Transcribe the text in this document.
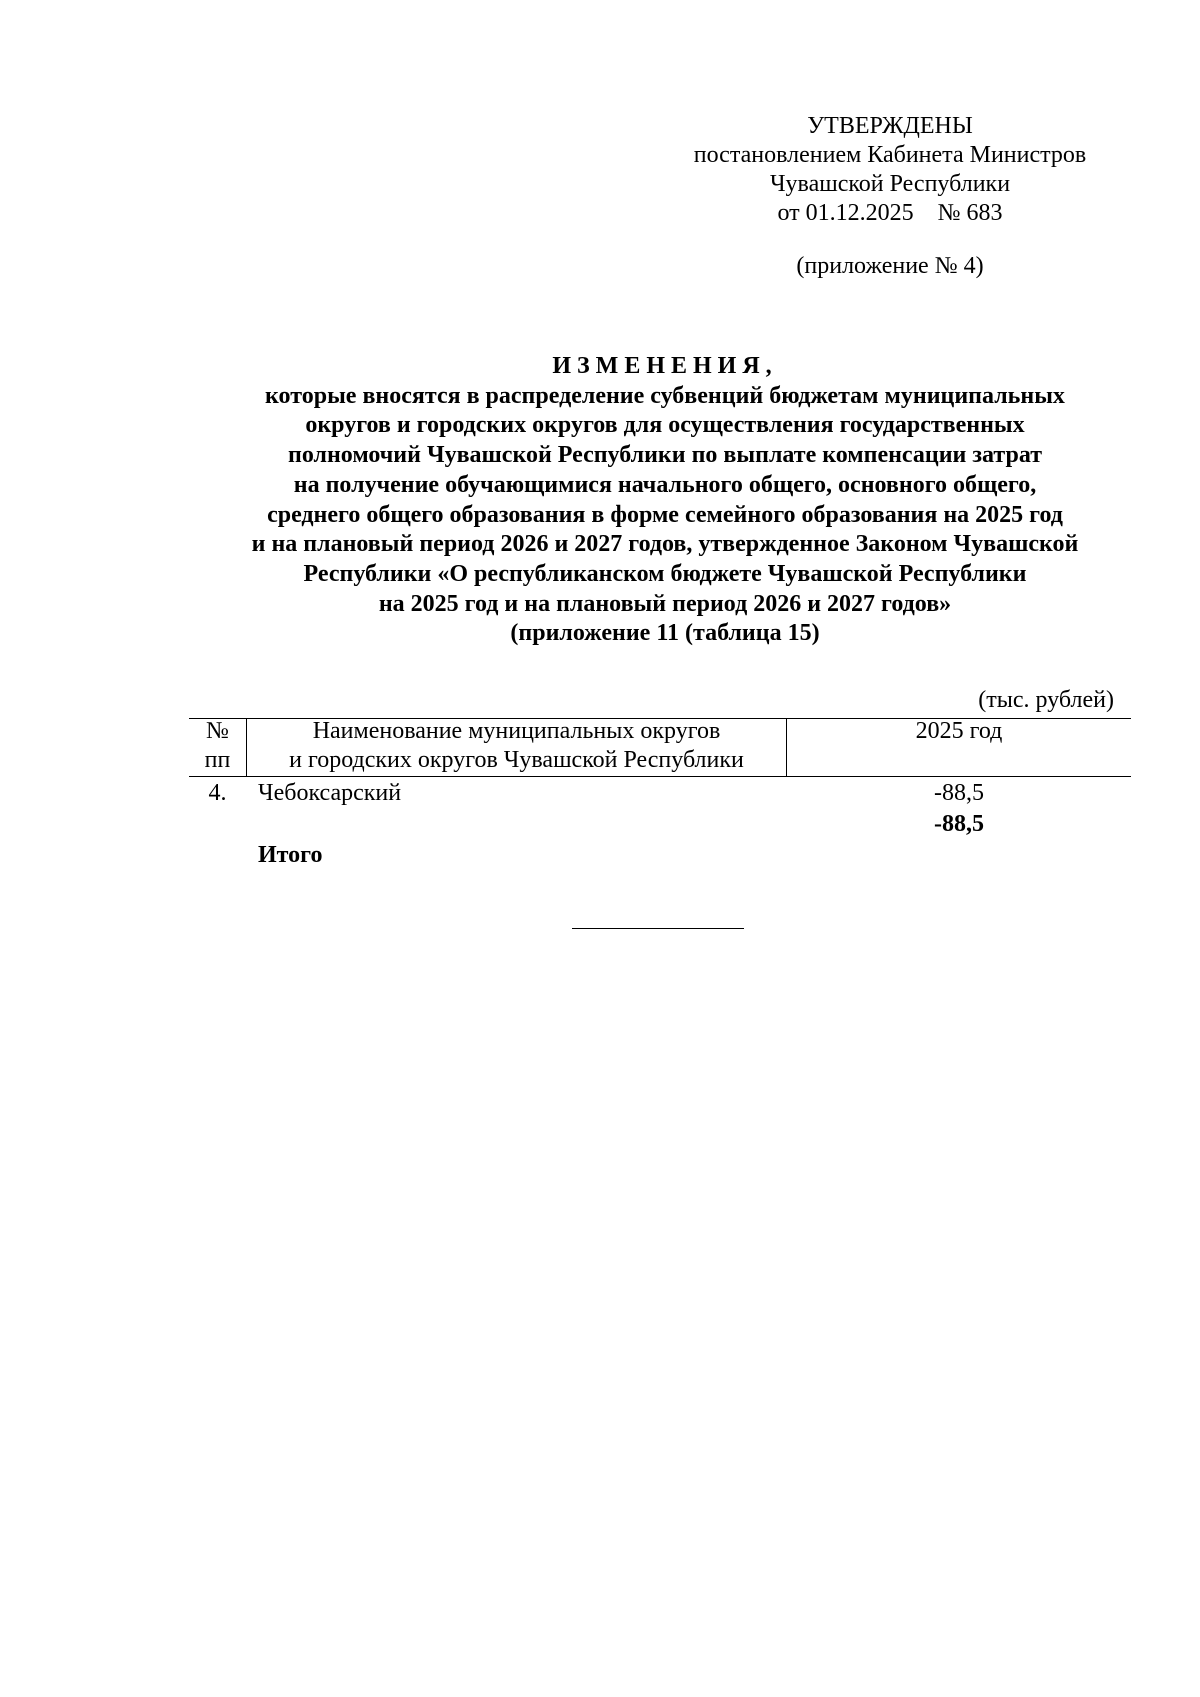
УТВЕРЖДЕНЫ
постановлением Кабинета Министров
Чувашской Республики
от 01.12.2025    № 683
(приложение № 4)
ИЗМЕНЕНИЯ,
которые вносятся в распределение субвенций бюджетам муниципальных
округов и городских округов для осуществления государственных
полномочий Чувашской Республики по выплате компенсации затрат
на получение обучающимися начального общего, основного общего,
среднего общего образования в форме семейного образования на 2025 год
и на плановый период 2026 и 2027 годов, утвержденное Законом Чувашской
Республики «О республиканском бюджете Чувашской Республики
на 2025 год и на плановый период 2026 и 2027 годов»
(приложение 11 (таблица 15)
(тыс. рублей)
№
пп
Наименование муниципальных округов
и городских округов Чувашской Республики
2025 год
4.	Чебоксарский	-88,5
-88,5
Итого
